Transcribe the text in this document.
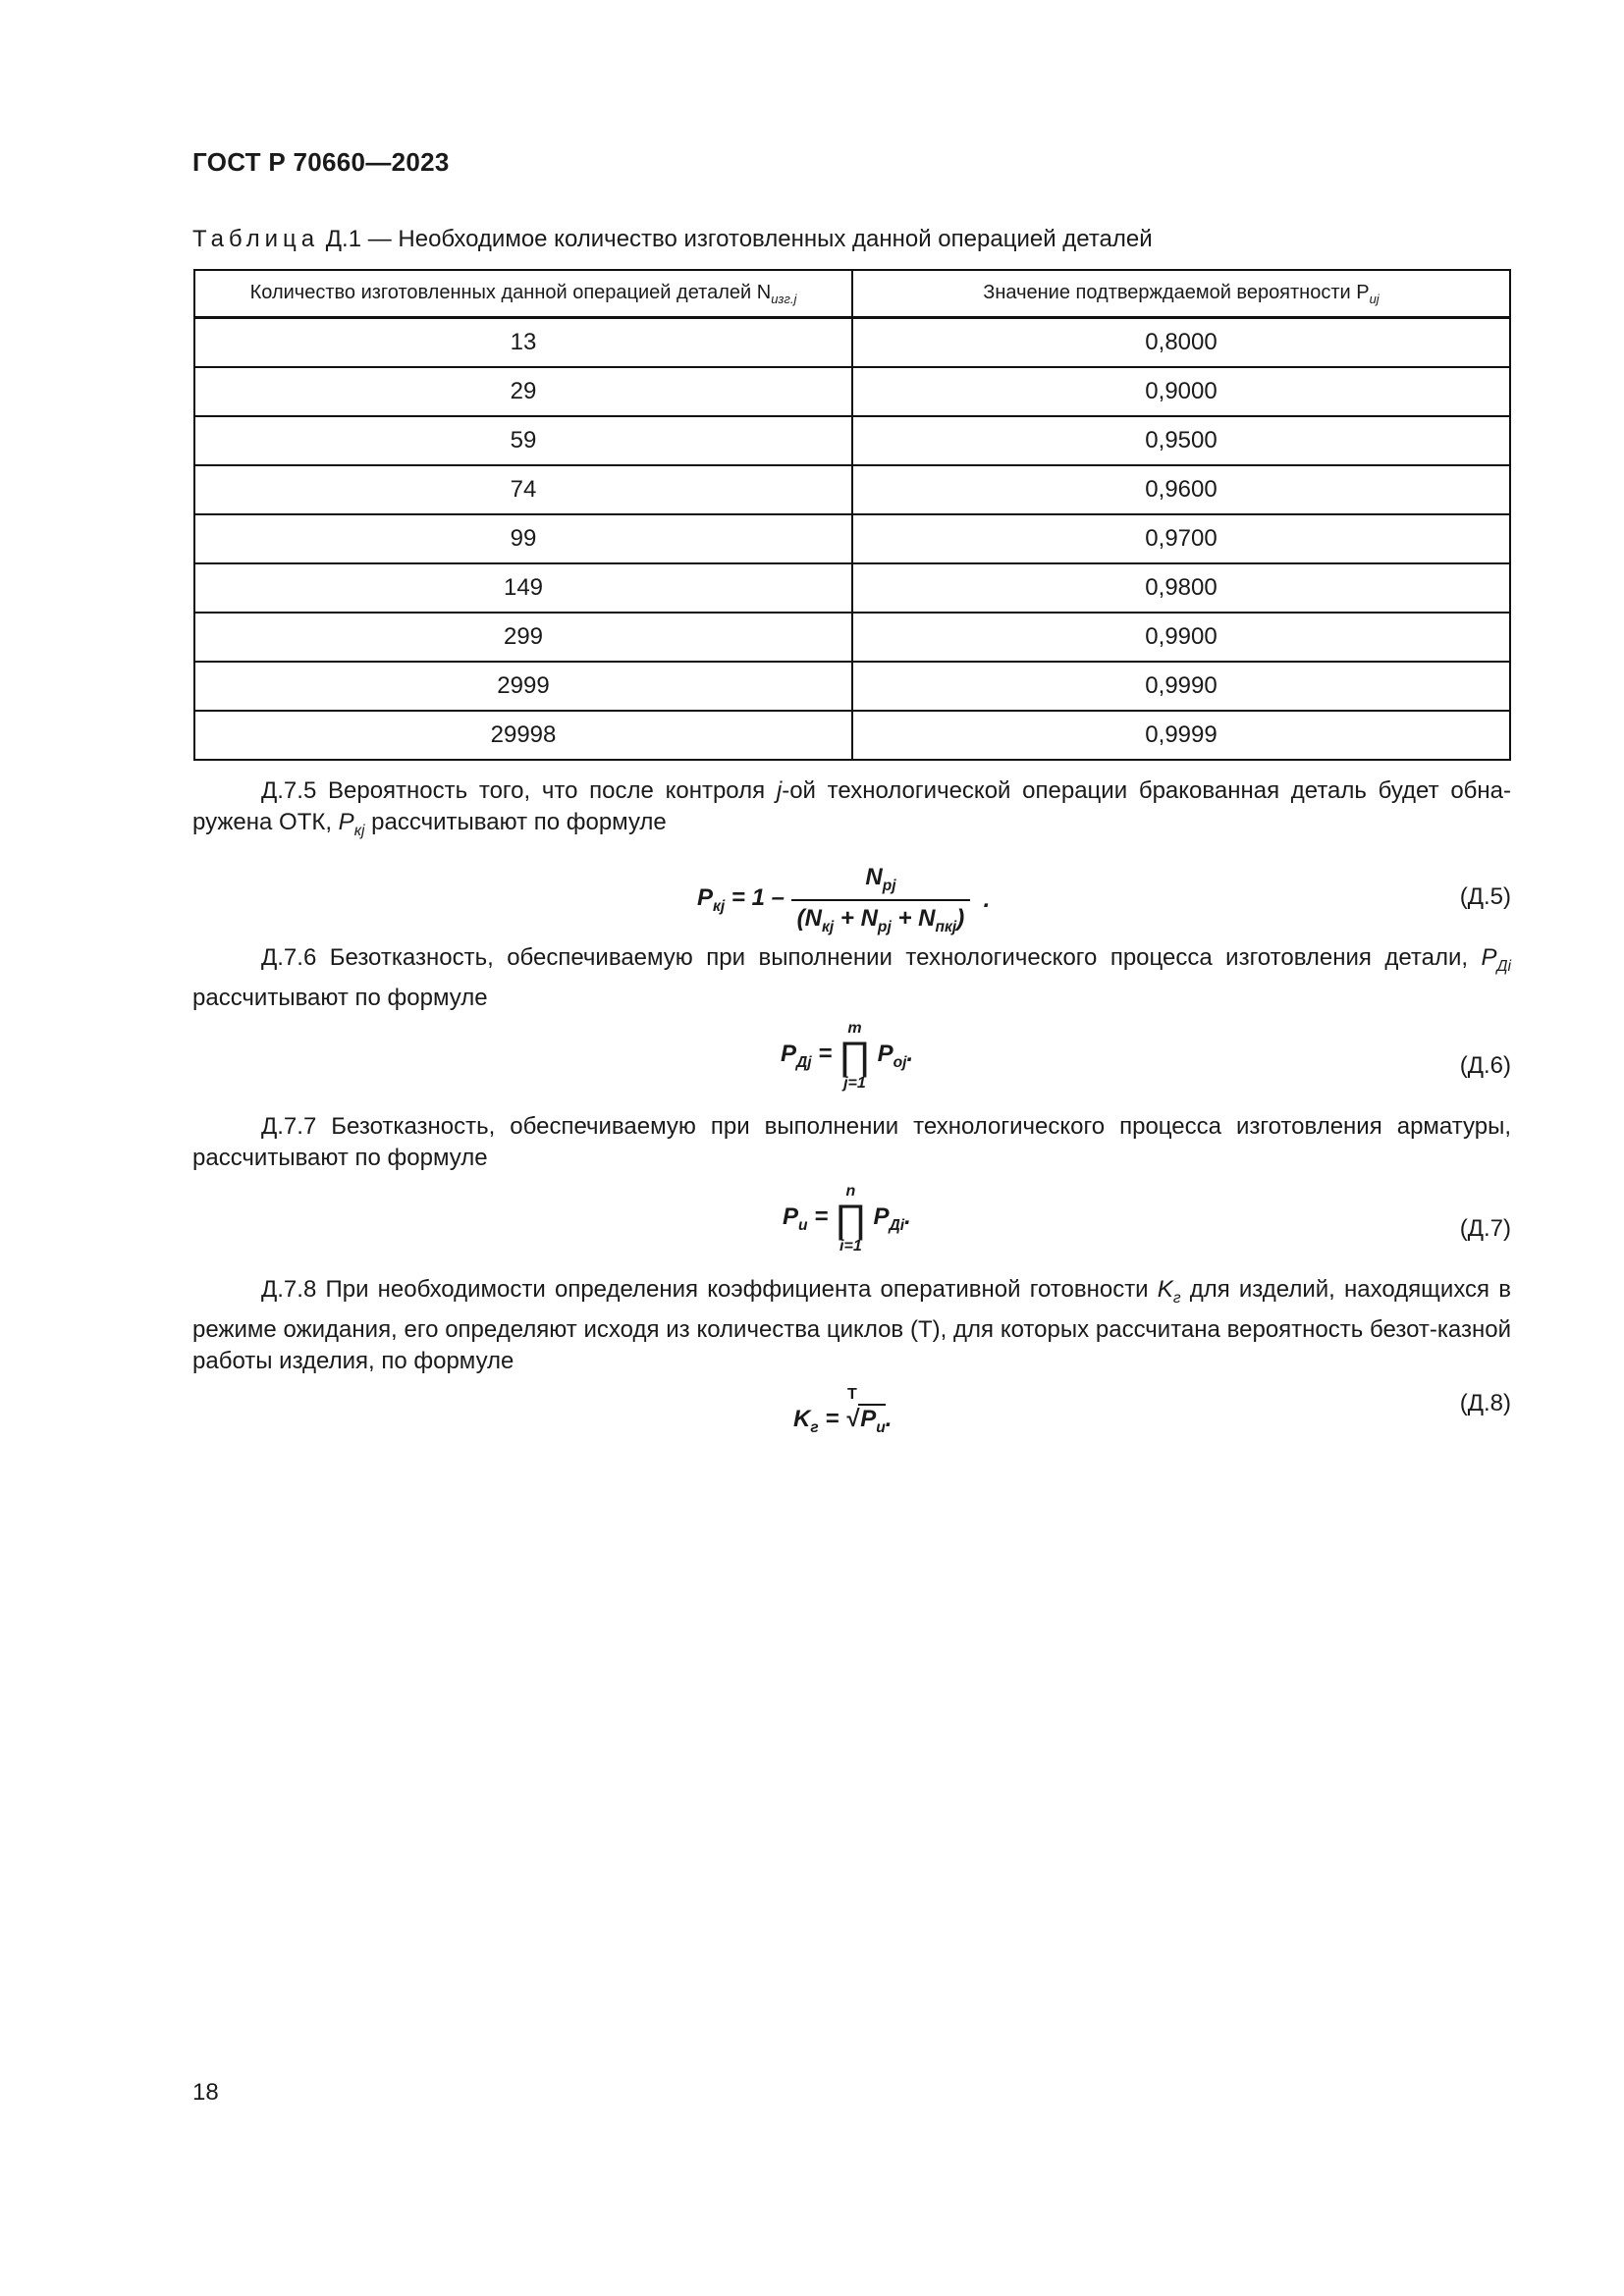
ГОСТ Р 70660—2023
Таблица Д.1 — Необходимое количество изготовленных данной операцией деталей
Количество изготовленных данной операцией деталей $N_{изг.j}$	Значение подтверждаемой вероятности $P_{иj}$
13	0,8000
29	0,9000
59	0,9500
74	0,9600
99	0,9700
149	0,9800
299	0,9900
2999	0,9990
29998	0,9999
Д.7.5 Вероятность того, что после контроля j-ой технологической операции бракованная деталь будет обна-ружена ОТК, $P_{кj}$ рассчитывают по формуле
$P_{кj} = 1 - \frac{N_{pj}}{(N_{кj} + N_{pj} + N_{пкj})}$ .	(Д.5)
Д.7.6 Безотказность, обеспечиваемую при выполнении технологического процесса изготовления детали, $P_{Дi}$ рассчитывают по формуле
$P_{Дj}$ =
m
∏
j=1
$P_{oj}$.	(Д.6)
Д.7.7 Безотказность, обеспечиваемую при выполнении технологического процесса изготовления арматуры, рассчитывают по формуле
$P_и$ =
n
∏
i=1
$P_{Дi}$.	(Д.7)
Д.7.8 При необходимости определения коэффициента оперативной готовности $K_г$ для изделий, находящихся в режиме ожидания, его определяют исходя из количества циклов (Т), для которых рассчитана вероятность безот-казной работы изделия, по формуле
$K_г$ =
T
$√P_и$.
(Д.8)
18
